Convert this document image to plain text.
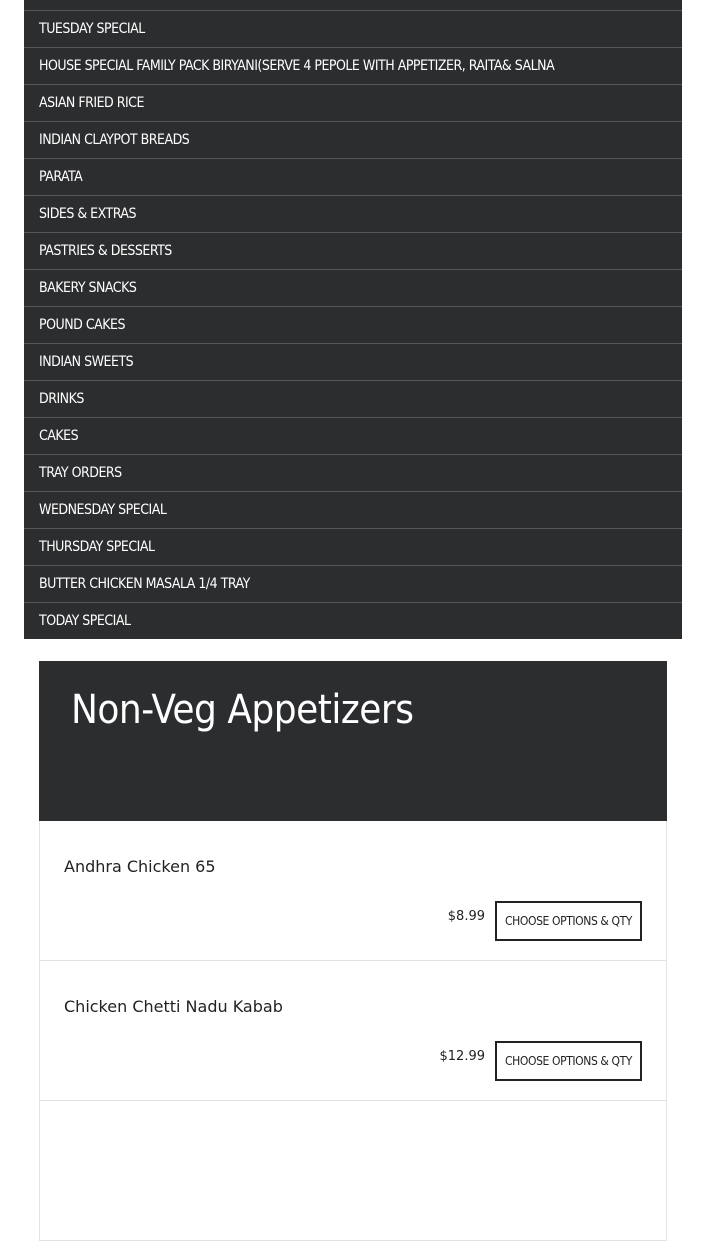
TUESDAY SPECIAL
HOUSE SPECIAL FAMILY PACK BIRYANI(SERVE 4 PEPOLE WITH APPETIZER, RAITA& SALNA
ASIAN FRIED RICE
INDIAN CLAYPOT BREADS
PARATA
SIDES & EXTRAS
PASTRIES & DESSERTS
BAKERY SNACKS
POUND CAKES
INDIAN SWEETS
DRINKS
CAKES
TRAY ORDERS
WEDNESDAY SPECIAL
THURSDAY SPECIAL
BUTTER CHICKEN MASALA 1/4 TRAY
TODAY SPECIAL
Non-Veg Appetizers
Andhra Chicken 65
$8.99	CHOOSE OPTIONS & QTY
Chicken Chetti Nadu Kabab
$12.99	CHOOSE OPTIONS & QTY
